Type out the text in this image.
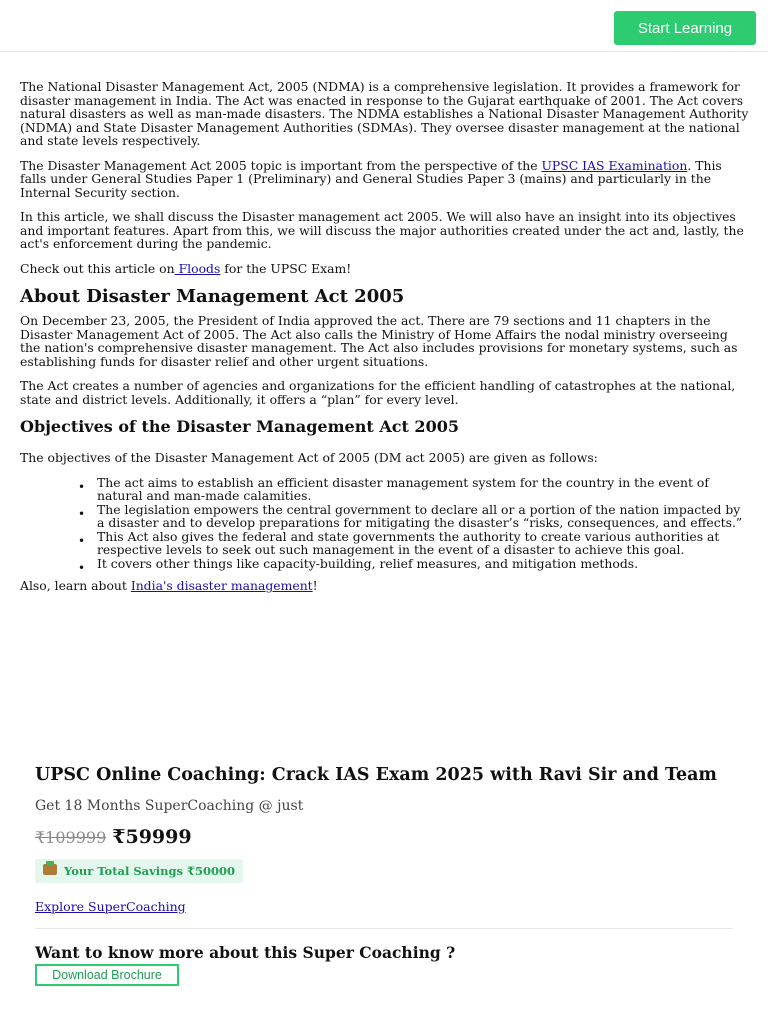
Start Learning

The National Disaster Management Act, 2005 (NDMA) is a comprehensive legislation. It provides a framework for disaster management in India. The Act was enacted in response to the Gujarat earthquake of 2001. The Act covers natural disasters as well as man-made disasters. The NDMA establishes a National Disaster Management Authority (NDMA) and State Disaster Management Authorities (SDMAs). They oversee disaster management at the national and state levels respectively.

The Disaster Management Act 2005 topic is important from the perspective of the UPSC IAS Examination. This falls under General Studies Paper 1 (Preliminary) and General Studies Paper 3 (mains) and particularly in the Internal Security section.

In this article, we shall discuss the Disaster management act 2005. We will also have an insight into its objectives and important features. Apart from this, we will discuss the major authorities created under the act and, lastly, the act's enforcement during the pandemic.

Check out this article on Floods for the UPSC Exam!

About Disaster Management Act 2005

On December 23, 2005, the President of India approved the act. There are 79 sections and 11 chapters in the Disaster Management Act of 2005. The Act also calls the Ministry of Home Affairs the nodal ministry overseeing the nation's comprehensive disaster management. The Act also includes provisions for monetary systems, such as establishing funds for disaster relief and other urgent situations.

The Act creates a number of agencies and organizations for the efficient handling of catastrophes at the national, state and district levels. Additionally, it offers a “plan” for every level.

Objectives of the Disaster Management Act 2005

The objectives of the Disaster Management Act of 2005 (DM act 2005) are given as follows:

• The act aims to establish an efficient disaster management system for the country in the event of natural and man-made calamities.
• The legislation empowers the central government to declare all or a portion of the nation impacted by a disaster and to develop preparations for mitigating the disaster’s “risks, consequences, and effects.”
• This Act also gives the federal and state governments the authority to create various authorities at respective levels to seek out such management in the event of a disaster to achieve this goal.
• It covers other things like capacity-building, relief measures, and mitigation methods.

Also, learn about India's disaster management!

UPSC Online Coaching: Crack IAS Exam 2025 with Ravi Sir and Team
Get 18 Months SuperCoaching @ just
₹109999 ₹59999
Your Total Savings ₹50000
Explore SuperCoaching
Want to know more about this Super Coaching ?
Download Brochure
